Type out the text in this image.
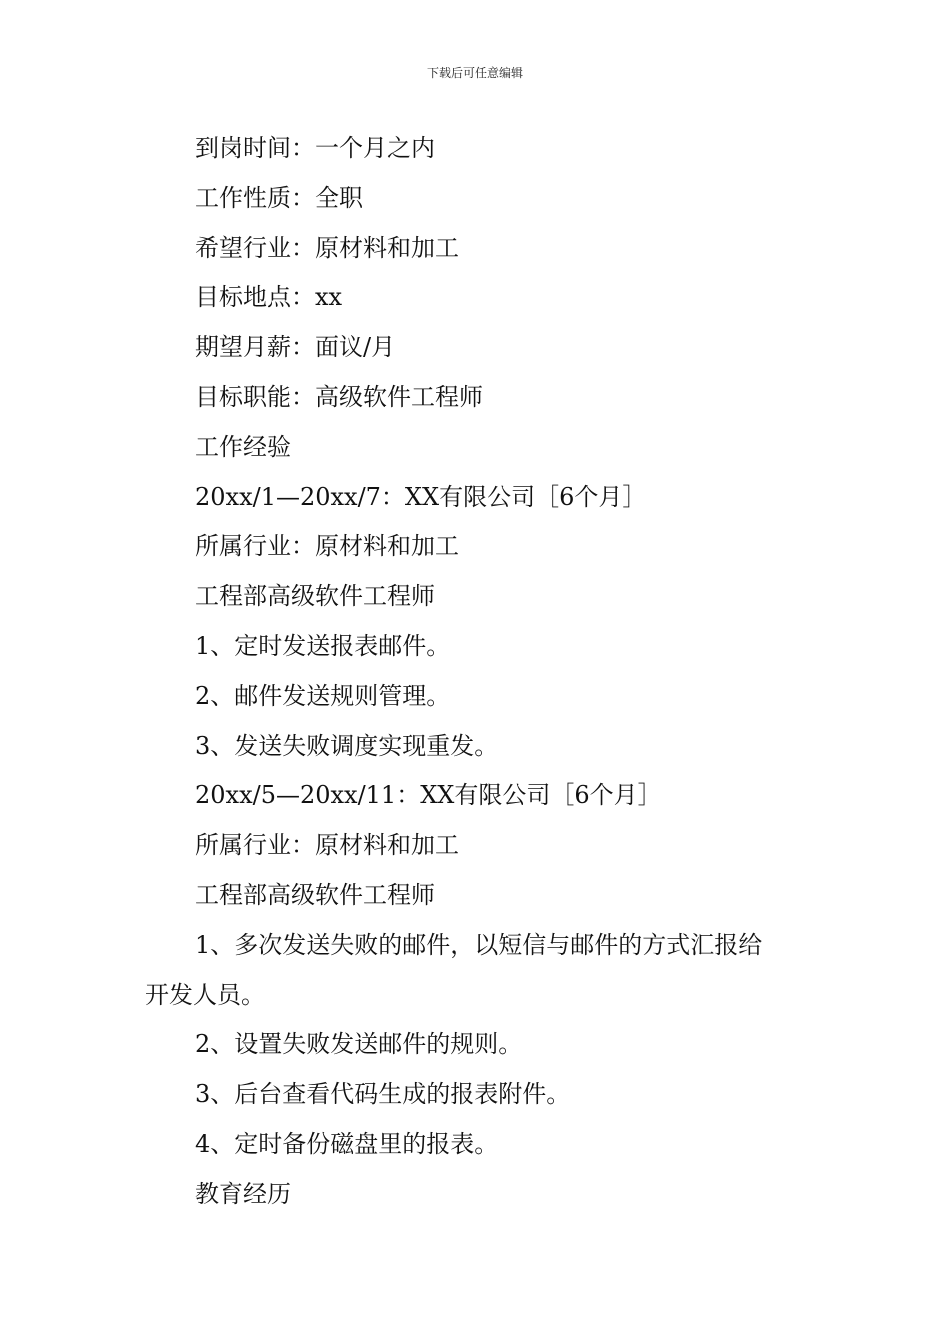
下载后可任意编辑
到岗时间：一个月之内
工作性质：全职
希望行业：原材料和加工
目标地点：xx
期望月薪：面议/月
目标职能：高级软件工程师
工作经验
20xx/1—20xx/7：XX有限公司［6个月］
所属行业：原材料和加工
工程部高级软件工程师
1、定时发送报表邮件。
2、邮件发送规则管理。
3、发送失败调度实现重发。
20xx/5—20xx/11：XX有限公司［6个月］
所属行业：原材料和加工
工程部高级软件工程师
1、多次发送失败的邮件，以短信与邮件的方式汇报给
开发人员。
2、设置失败发送邮件的规则。
3、后台查看代码生成的报表附件。
4、定时备份磁盘里的报表。
教育经历
